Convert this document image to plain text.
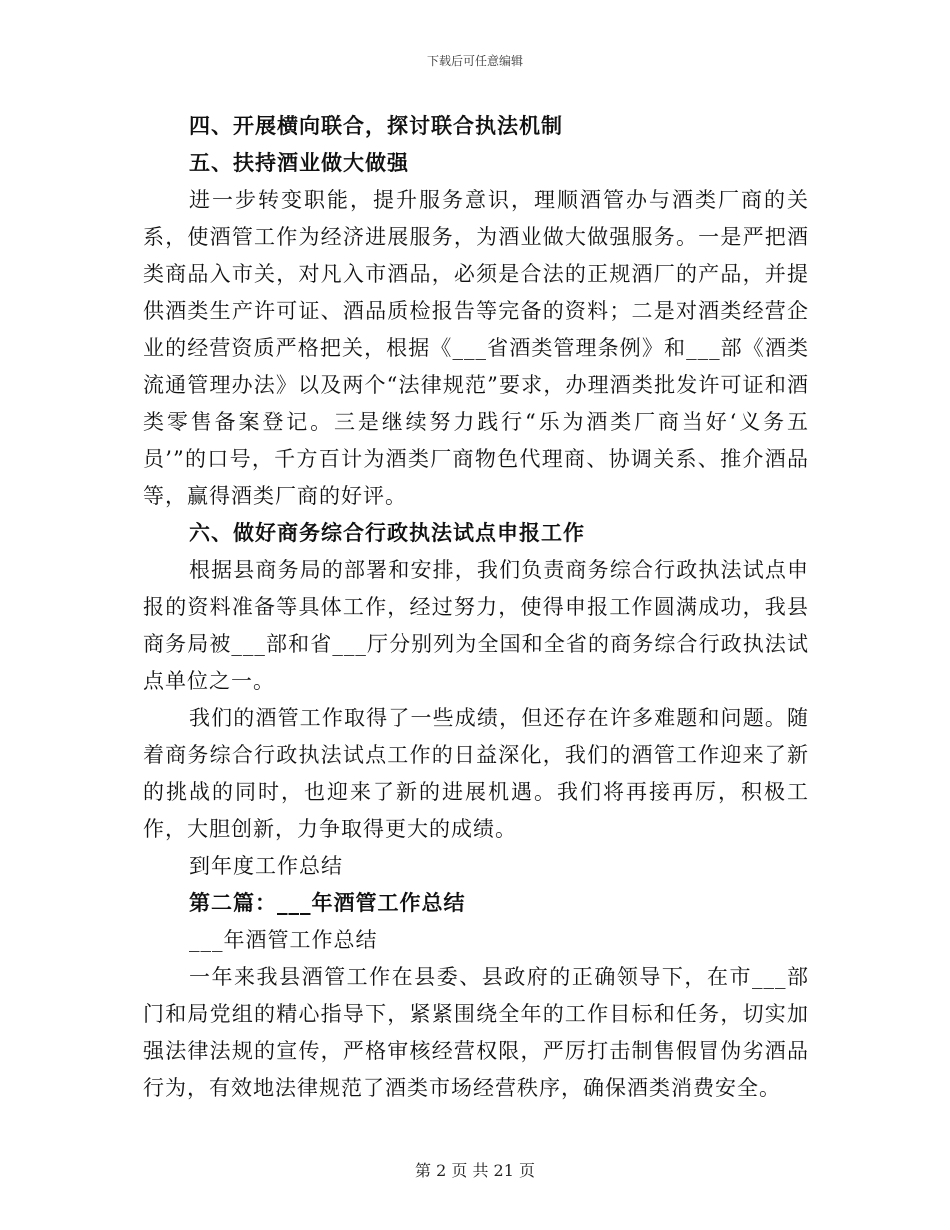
下载后可任意编辑

四、开展横向联合，探讨联合执法机制

五、扶持酒业做大做强

进一步转变职能，提升服务意识，理顺酒管办与酒类厂商的关系，使酒管工作为经济进展服务，为酒业做大做强服务。一是严把酒类商品入市关，对凡入市酒品，必须是合法的正规酒厂的产品，并提供酒类生产许可证、酒品质检报告等完备的资料；二是对酒类经营企业的经营资质严格把关，根据《___省酒类管理条例》和___部《酒类流通管理办法》以及两个“法律规范”要求，办理酒类批发许可证和酒类零售备案登记。三是继续努力践行“乐为酒类厂商当好‘义务五员’”的口号，千方百计为酒类厂商物色代理商、协调关系、推介酒品等，赢得酒类厂商的好评。

六、做好商务综合行政执法试点申报工作

根据县商务局的部署和安排，我们负责商务综合行政执法试点申报的资料准备等具体工作，经过努力，使得申报工作圆满成功，我县商务局被___部和省___厅分别列为全国和全省的商务综合行政执法试点单位之一。

我们的酒管工作取得了一些成绩，但还存在许多难题和问题。随着商务综合行政执法试点工作的日益深化，我们的酒管工作迎来了新的挑战的同时，也迎来了新的进展机遇。我们将再接再厉，积极工作，大胆创新，力争取得更大的成绩。

到年度工作总结

第二篇：___年酒管工作总结

___年酒管工作总结

一年来我县酒管工作在县委、县政府的正确领导下，在市___部门和局党组的精心指导下，紧紧围绕全年的工作目标和任务，切实加强法律法规的宣传，严格审核经营权限，严厉打击制售假冒伪劣酒品行为，有效地法律规范了酒类市场经营秩序，确保酒类消费安全。

第 2 页 共 21 页
